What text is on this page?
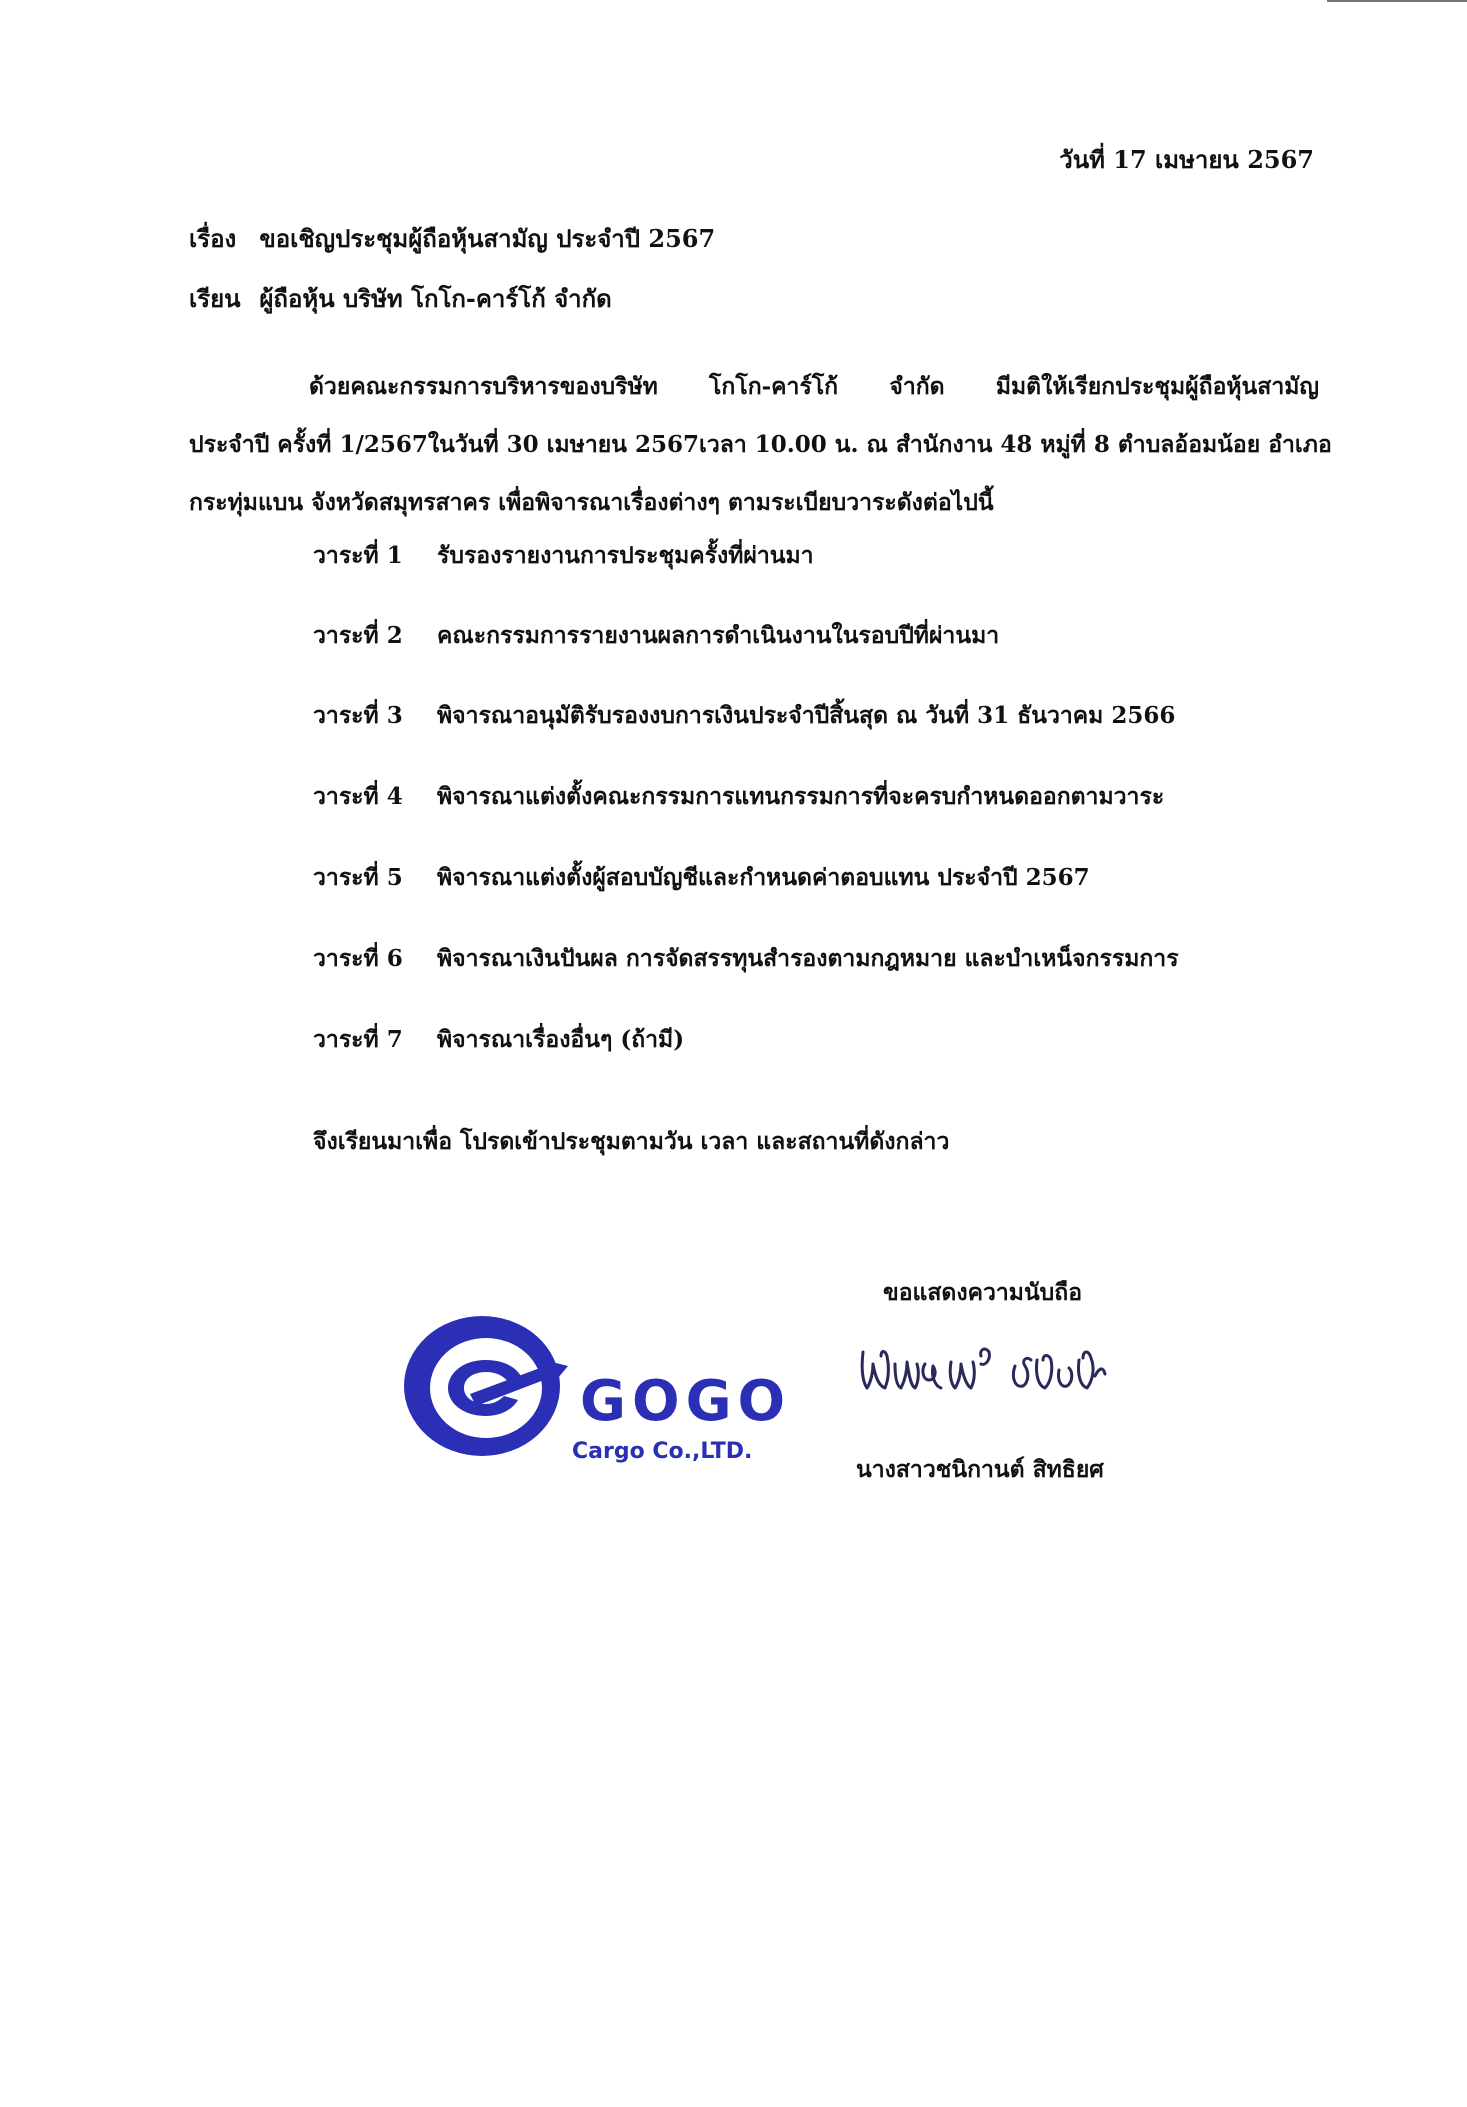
วันที่ 17 เมษายน 2567
เรื่อง ขอเชิญประชุมผู้ถือหุ้นสามัญ ประจำปี 2567
เรียน ผู้ถือหุ้น บริษัท โกโก-คาร์โก้ จำกัด
ด้วยคณะกรรมการบริหารของบริษัท โกโก-คาร์โก้ จำกัด มีมติให้เรียกประชุมผู้ถือหุ้นสามัญ
ประจำปี ครั้งที่ 1/2567ในวันที่ 30 เมษายน 2567เวลา 10.00 น. ณ สำนักงาน 48 หมู่ที่ 8 ตำบลอ้อมน้อย อำเภอ
กระทุ่มแบน จังหวัดสมุทรสาคร เพื่อพิจารณาเรื่องต่างๆ ตามระเบียบวาระดังต่อไปนี้
วาระที่ 1 รับรองรายงานการประชุมครั้งที่ผ่านมา
วาระที่ 2 คณะกรรมการรายงานผลการดำเนินงานในรอบปีที่ผ่านมา
วาระที่ 3 พิจารณาอนุมัติรับรองงบการเงินประจำปีสิ้นสุด ณ วันที่ 31 ธันวาคม 2566
วาระที่ 4 พิจารณาแต่งตั้งคณะกรรมการแทนกรรมการที่จะครบกำหนดออกตามวาระ
วาระที่ 5 พิจารณาแต่งตั้งผู้สอบบัญชีและกำหนดค่าตอบแทน ประจำปี 2567
วาระที่ 6 พิจารณาเงินปันผล การจัดสรรทุนสำรองตามกฎหมาย และบำเหน็จกรรมการ
วาระที่ 7 พิจารณาเรื่องอื่นๆ (ถ้ามี)
จึงเรียนมาเพื่อ โปรดเข้าประชุมตามวัน เวลา และสถานที่ดังกล่าว
ขอแสดงความนับถือ
นางสาวชนิกานต์ สิทธิยศ
GOGO
Cargo Co.,LTD.
